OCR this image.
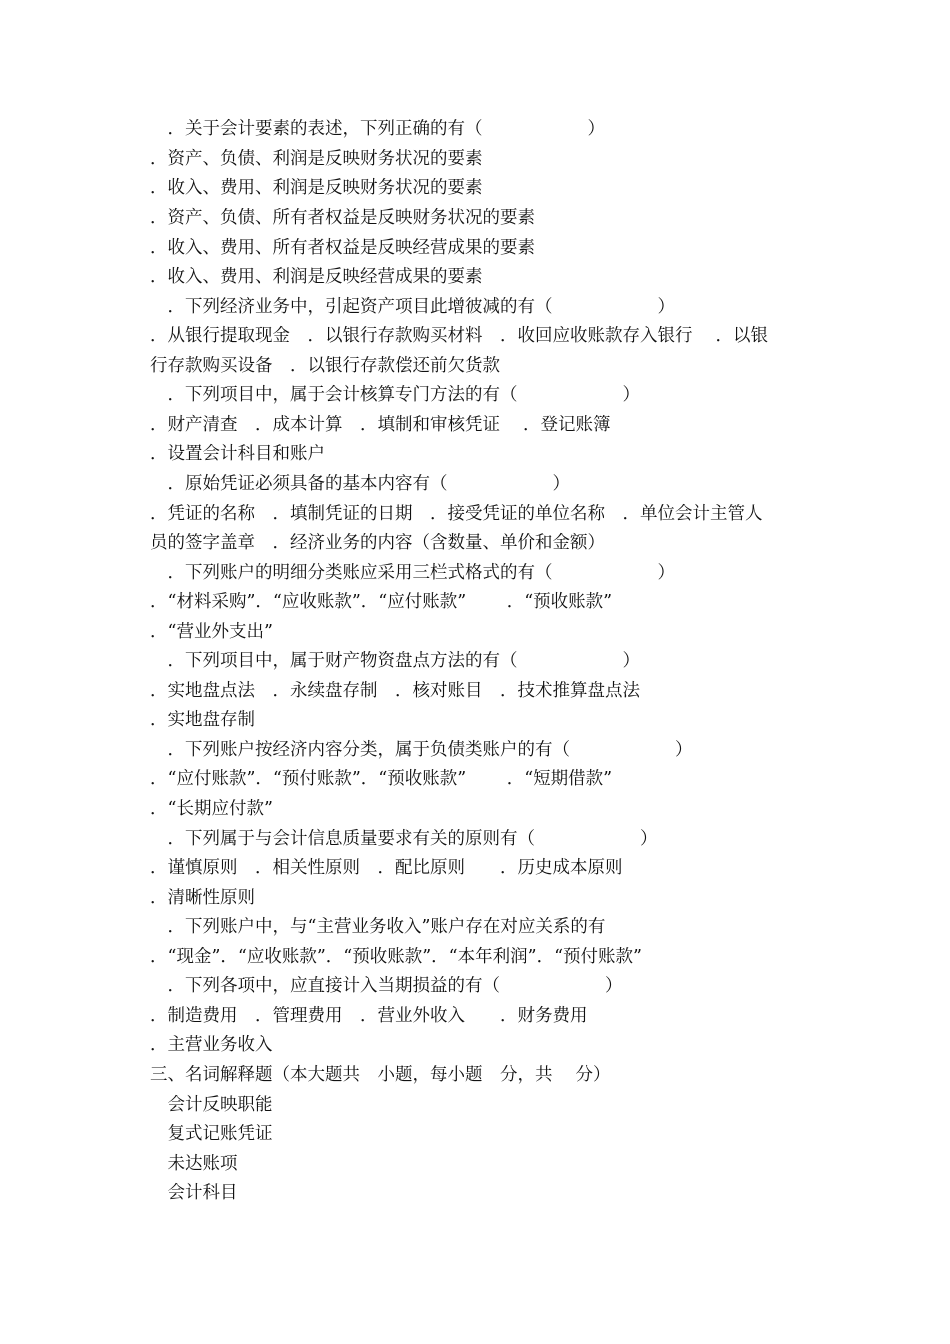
　．关于会计要素的表述，下列正确的有（　　　　　　）
．资产、负债、利润是反映财务状况的要素
．收入、费用、利润是反映财务状况的要素
．资产、负债、所有者权益是反映财务状况的要素
．收入、费用、所有者权益是反映经营成果的要素
．收入、费用、利润是反映经营成果的要素
　．下列经济业务中，引起资产项目此增彼减的有（　　　　　　）
．从银行提取现金　．以银行存款购买材料　．收回应收账款存入银行　 ．以银
行存款购买设备　．以银行存款偿还前欠货款
　．下列项目中，属于会计核算专门方法的有（　　　　　　）
．财产清查　．成本计算　．填制和审核凭证　 ．登记账簿
．设置会计科目和账户
　．原始凭证必须具备的基本内容有（　　　　　　）
．凭证的名称　．填制凭证的日期　．接受凭证的单位名称　．单位会计主管人
员的签字盖章　．经济业务的内容（含数量、单价和金额）
　．下列账户的明细分类账应采用三栏式格式的有（　　　　　　）
．“材料采购”．“应收账款”．“应付账款”　　 ．“预收账款”
．“营业外支出”
　．下列项目中，属于财产物资盘点方法的有（　　　　　　）
．实地盘点法　．永续盘存制　．核对账目　．技术推算盘点法
．实地盘存制
　．下列账户按经济内容分类，属于负债类账户的有（　　　　　　）
．“应付账款”．“预付账款”．“预收账款”　　 ．“短期借款”
．“长期应付款”
　．下列属于与会计信息质量要求有关的原则有（　　　　　　）
．谨慎原则　．相关性原则　．配比原则　　．历史成本原则
．清晰性原则
　．下列账户中，与“主营业务收入”账户存在对应关系的有
．“现金”．“应收账款”．“预收账款”．“本年利润”．“预付账款”
　．下列各项中，应直接计入当期损益的有（　　　　　　）
．制造费用　．管理费用　．营业外收入　　．财务费用
．主营业务收入
三、名词解释题（本大题共　小题，每小题　分，共　 分）
　会计反映职能
　复式记账凭证
　未达账项
　会计科目
